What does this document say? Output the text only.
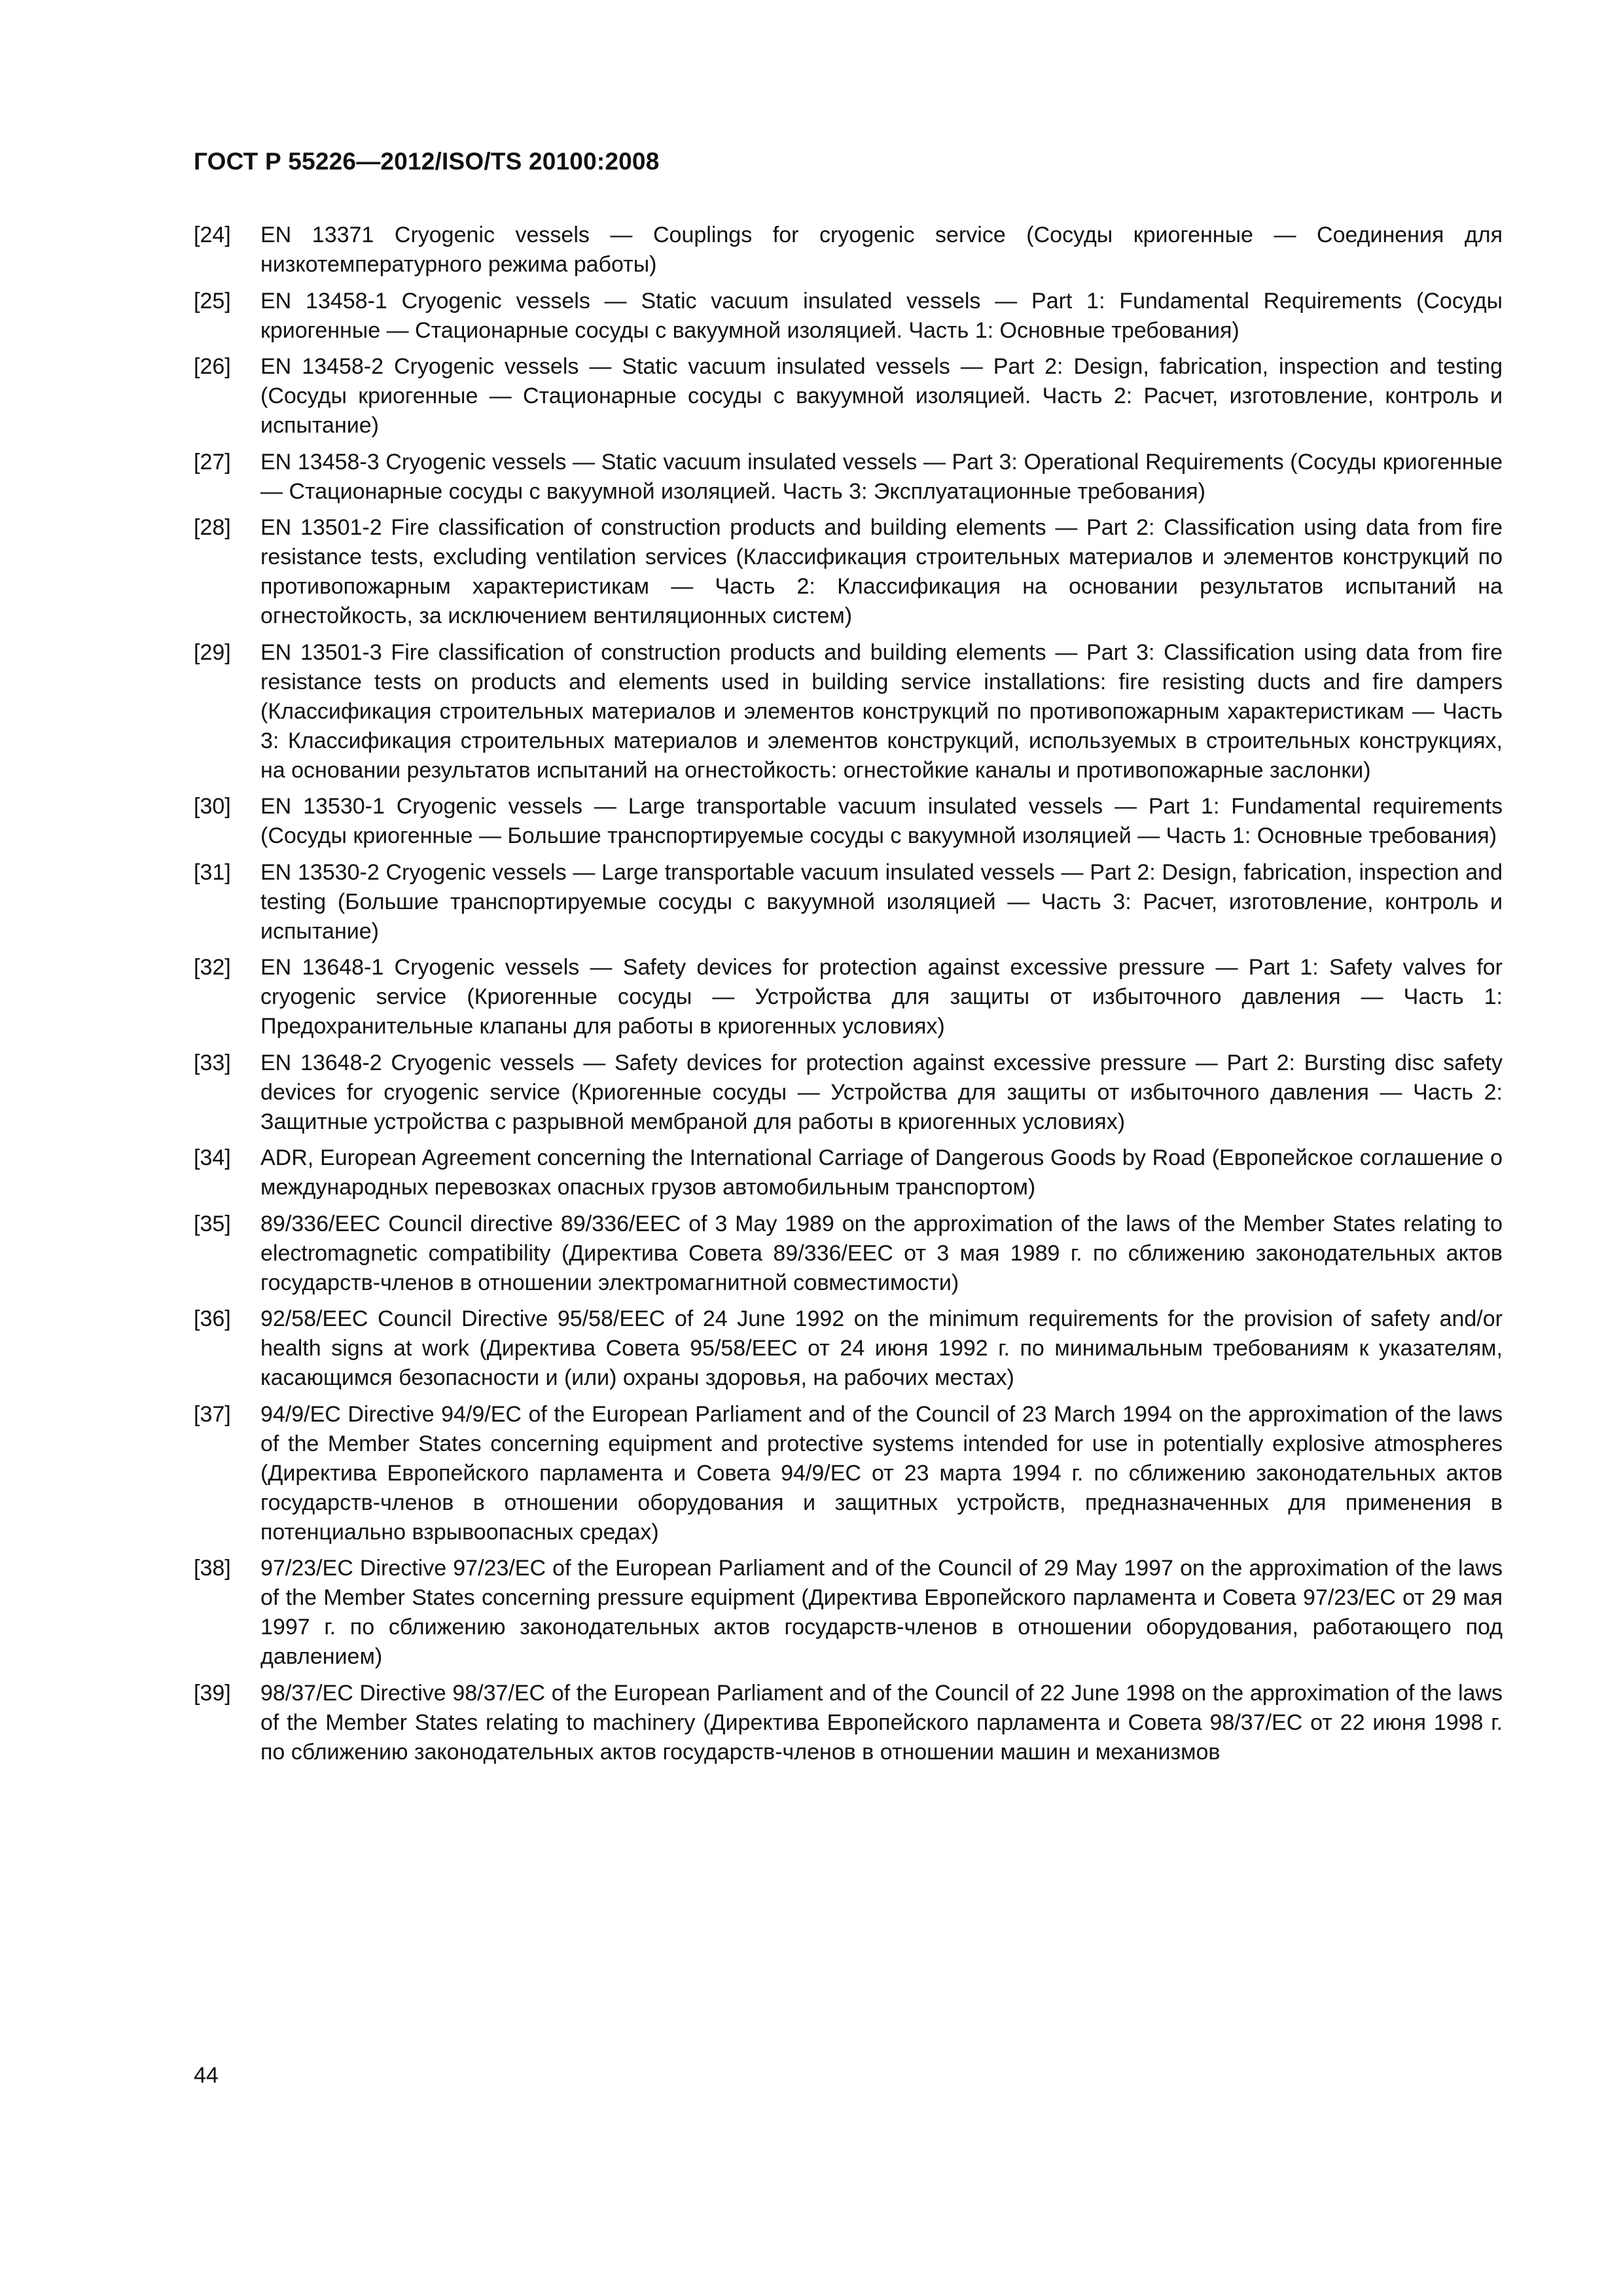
ГОСТ Р 55226—2012/ISO/TS 20100:2008
[24]	EN 13371 Cryogenic vessels — Couplings for cryogenic service (Сосуды криогенные — Соединения для низкотемпературного режима работы)
[25]	EN 13458-1 Cryogenic vessels — Static vacuum insulated vessels — Part 1: Fundamental Requirements (Сосуды криогенные — Стационарные сосуды с вакуумной изоляцией. Часть 1: Основные требования)
[26]	EN 13458-2 Cryogenic vessels — Static vacuum insulated vessels — Part 2: Design, fabrication, inspection and testing (Сосуды криогенные — Стационарные сосуды с вакуумной изоляцией. Часть 2: Расчет, изготовление, контроль и испытание)
[27]	EN 13458-3 Cryogenic vessels — Static vacuum insulated vessels — Part 3: Operational Requirements (Сосуды криогенные — Стационарные сосуды с вакуумной изоляцией. Часть 3: Эксплуатационные требования)
[28]	EN 13501-2 Fire classification of construction products and building elements — Part 2: Classification using data from fire resistance tests, excluding ventilation services (Классификация строительных материалов и элементов конструкций по противопожарным характеристикам — Часть 2: Классификация на основании результатов испытаний на огнестойкость, за исключением вентиляционных систем)
[29]	EN 13501-3 Fire classification of construction products and building elements — Part 3: Classification using data from fire resistance tests on products and elements used in building service installations: fire resisting ducts and fire dampers (Классификация строительных материалов и элементов конструкций по противопожарным характеристикам — Часть 3: Классификация строительных материалов и элементов конструкций, используемых в строительных конструкциях, на основании результатов испытаний на огнестойкость: огнестойкие каналы и противопожарные заслонки)
[30]	EN 13530-1 Cryogenic vessels — Large transportable vacuum insulated vessels — Part 1: Fundamental requirements (Сосуды криогенные — Большие транспортируемые сосуды с вакуумной изоляцией — Часть 1: Основные требования)
[31]	EN 13530-2 Cryogenic vessels — Large transportable vacuum insulated vessels — Part 2: Design, fabrication, inspection and testing (Большие транспортируемые сосуды с вакуумной изоляцией — Часть 3: Расчет, изготовление, контроль и испытание)
[32]	EN 13648-1 Cryogenic vessels — Safety devices for protection against excessive pressure — Part 1: Safety valves for cryogenic service (Криогенные сосуды — Устройства для защиты от избыточного давления — Часть 1: Предохранительные клапаны для работы в криогенных условиях)
[33]	EN 13648-2 Cryogenic vessels — Safety devices for protection against excessive pressure — Part 2: Bursting disc safety devices for cryogenic service (Криогенные сосуды — Устройства для защиты от избыточного давления — Часть 2: Защитные устройства с разрывной мембраной для работы в криогенных условиях)
[34]	ADR, European Agreement concerning the International Carriage of Dangerous Goods by Road (Европейское соглашение о международных перевозках опасных грузов автомобильным транспортом)
[35]	89/336/EEC Council directive 89/336/EEC of 3 May 1989 on the approximation of the laws of the Member States relating to electromagnetic compatibility (Директива Совета 89/336/EEC от 3 мая 1989 г. по сближению законодательных актов государств-членов в отношении электромагнитной совместимости)
[36]	92/58/EEC Council Directive 95/58/EEC of 24 June 1992 on the minimum requirements for the provision of safety and/or health signs at work (Директива Совета 95/58/EEC от 24 июня 1992 г. по минимальным требованиям к указателям, касающимся безопасности и (или) охраны здоровья, на рабочих местах)
[37]	94/9/EC Directive 94/9/EC of the European Parliament and of the Council of 23 March 1994 on the approximation of the laws of the Member States concerning equipment and protective systems intended for use in potentially explosive atmospheres (Директива Европейского парламента и Совета 94/9/ЕС от 23 марта 1994 г. по сближению законодательных актов государств-членов в отношении оборудования и защитных устройств, предназначенных для применения в потенциально взрывоопасных средах)
[38]	97/23/EC Directive 97/23/EC of the European Parliament and of the Council of 29 May 1997 on the approximation of the laws of the Member States concerning pressure equipment (Директива Европейского парламента и Совета 97/23/EC от 29 мая 1997 г. по сближению законодательных актов государств-членов в отношении оборудования, работающего под давлением)
[39]	98/37/EC Directive 98/37/EC of the European Parliament and of the Council of 22 June 1998 on the approximation of the laws of the Member States relating to machinery (Директива Европейского парламента и Совета 98/37/EC от 22 июня 1998 г. по сближению законодательных актов государств-членов в отношении машин и механизмов
44
